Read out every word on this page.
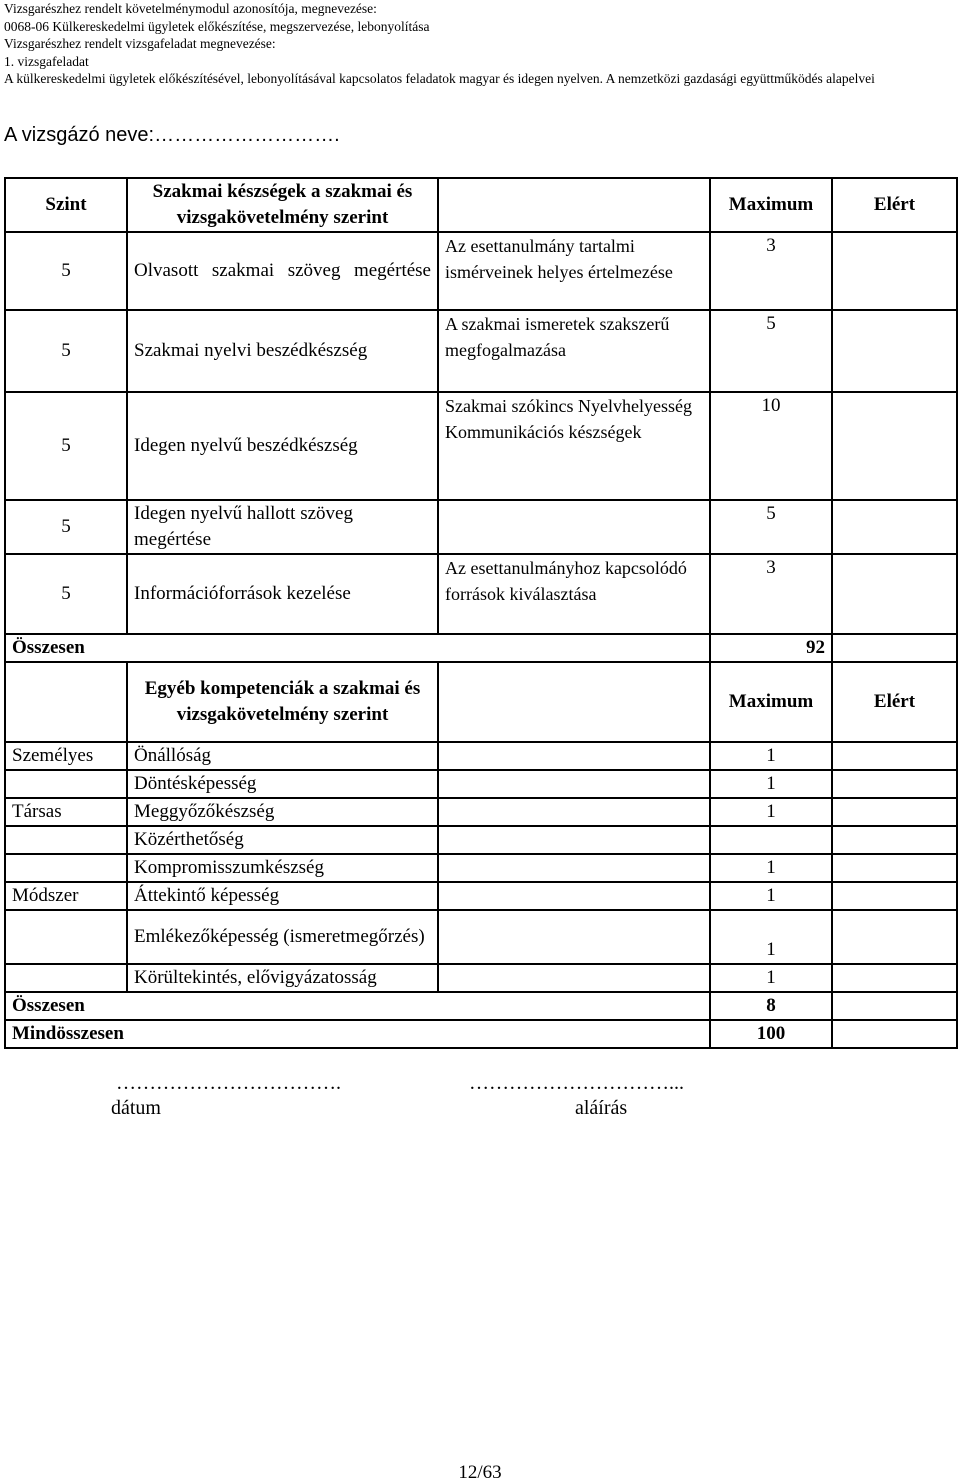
Vizsgarészhez rendelt követelménymodul azonosítója, megnevezése:
0068-06 Külkereskedelmi ügyletek előkészítése, megszervezése, lebonyolítása
Vizsgarészhez rendelt vizsgafeladat megnevezése:
1. vizsgafeladat
A külkereskedelmi ügyletek előkészítésével, lebonyolításával kapcsolatos feladatok magyar és idegen nyelven. A nemzetközi gazdasági együttműködés alapelvei
A vizsgázó neve:……………………….
Szint	Szakmai készségek a szakmai és vizsgakövetelmény szerint		Maximum	Elért
5	Olvasott szakmai szöveg megértése	Az esettanulmány tartalmi ismérveinek helyes értelmezése	3	
5	Szakmai nyelvi beszédkészség	A szakmai ismeretek szakszerű megfogalmazása	5	
5	Idegen nyelvű beszédkészség	Szakmai szókincs Nyelvhelyesség Kommunikációs készségek	10	
5	Idegen nyelvű hallott szöveg megértése		5	
5	Információforrások kezelése	Az esettanulmányhoz kapcsolódó források kiválasztása	3	
Összesen			92	
	Egyéb kompetenciák a szakmai és vizsgakövetelmény szerint		Maximum	Elért
Személyes	Önállóság		1	
	Döntésképesség		1	
Társas	Meggyőzőkészség		1	
	Közérthetőség			
	Kompromisszumkészség		1	
Módszer	Áttekintő képesség		1	
	Emlékezőképesség (ismeretmegőrzés)		1	
	Körültekintés, elővigyázatosság		1	
Összesen			8	
Mindösszesen			100	
…………………………….
dátum
…………………………...
aláírás
12/63
